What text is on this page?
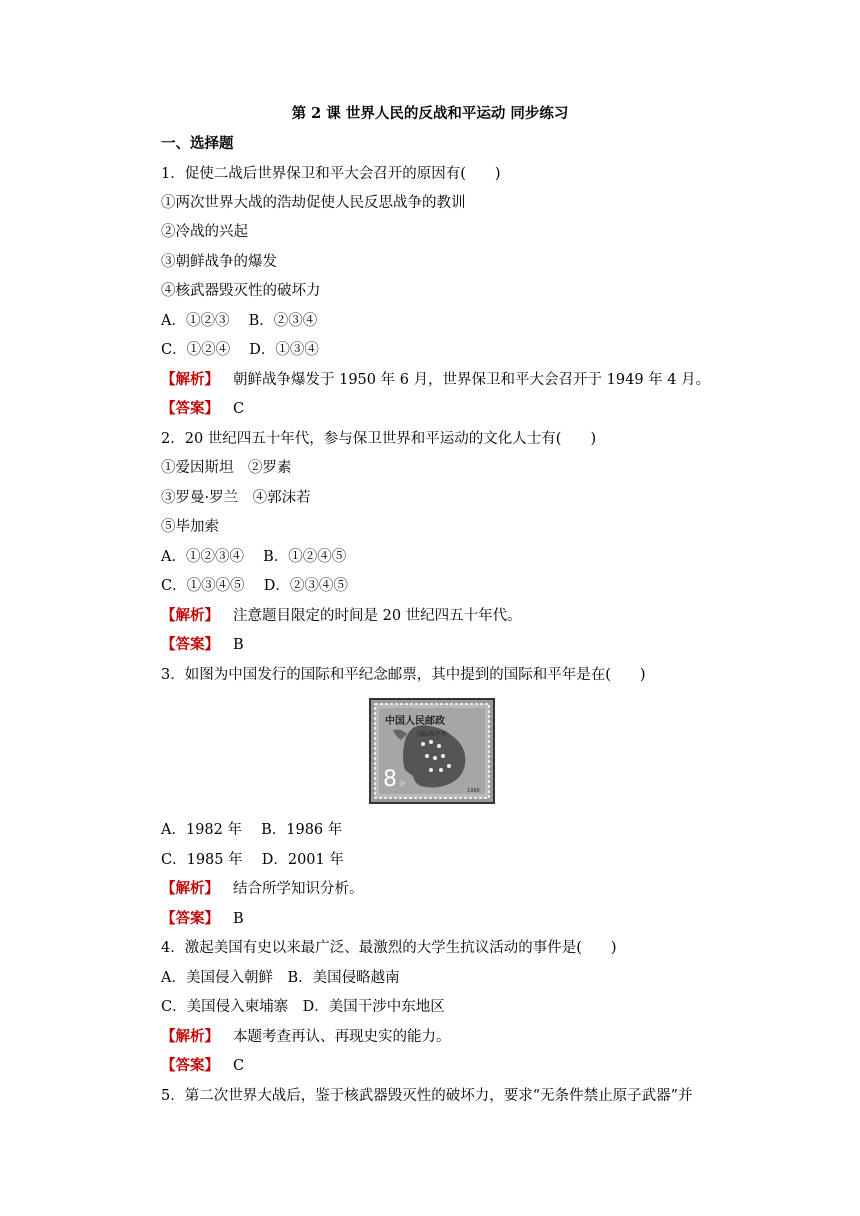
第 2 课 世界人民的反战和平运动 同步练习
一、选择题
1．促使二战后世界保卫和平大会召开的原因有(　　)
①两次世界大战的浩劫促使人民反思战争的教训
②冷战的兴起
③朝鲜战争的爆发
④核武器毁灭性的破坏力
A．①②③　 B．②③④
C．①②④　 D．①③④
【解析】 朝鲜战争爆发于 1950 年 6 月，世界保卫和平大会召开于 1949 年 4 月。
【答案】 C
2．20 世纪四五十年代，参与保卫世界和平运动的文化人士有(　　)
①爱因斯坦　②罗素
③罗曼·罗兰　④郭沫若
⑤毕加索
A．①②③④　 B．①②④⑤
C．①③④⑤　 D．②③④⑤
【解析】 注意题目限定的时间是 20 世纪四五十年代。
【答案】 B
3．如图为中国发行的国际和平纪念邮票，其中提到的国际和平年是在(　　)
中国人民邮政
国际和平年
8 分
1986
A．1982 年　 B．1986 年
C．1985 年　 D．2001 年
【解析】 结合所学知识分析。
【答案】 B
4．激起美国有史以来最广泛、最激烈的大学生抗议活动的事件是(　　)
A．美国侵入朝鲜　B．美国侵略越南
C．美国侵入柬埔寨　D．美国干涉中东地区
【解析】 本题考查再认、再现史实的能力。
【答案】 C
5．第二次世界大战后，鉴于核武器毁灭性的破坏力，要求“无条件禁止原子武器”并
